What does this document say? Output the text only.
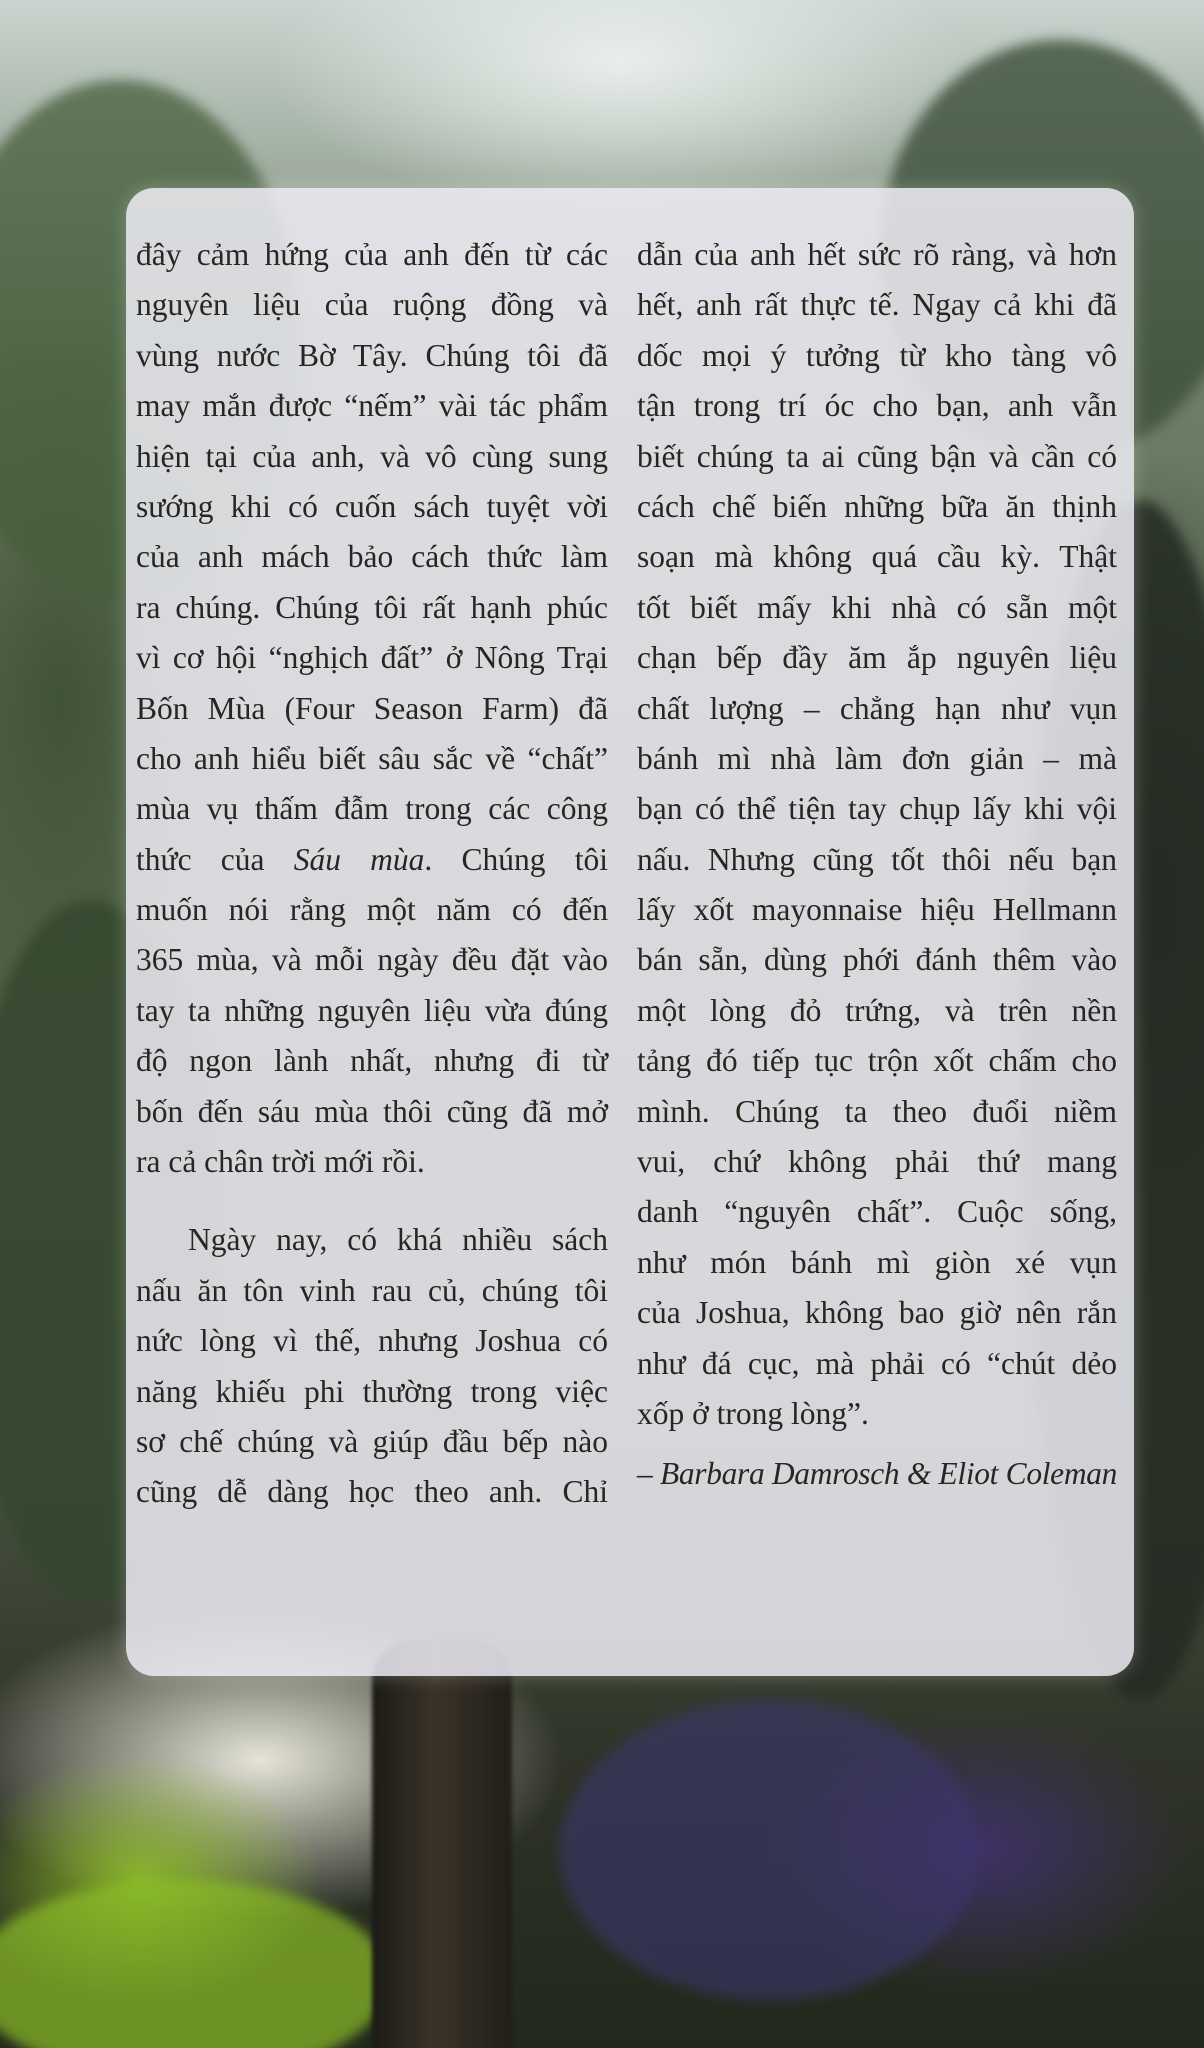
đây cảm hứng của anh đến từ các
nguyên liệu của ruộng đồng và
vùng nước Bờ Tây. Chúng tôi đã
may mắn được “nếm” vài tác phẩm
hiện tại của anh, và vô cùng sung
sướng khi có cuốn sách tuyệt vời
của anh mách bảo cách thức làm
ra chúng. Chúng tôi rất hạnh phúc
vì cơ hội “nghịch đất” ở Nông Trại
Bốn Mùa (Four Season Farm) đã
cho anh hiểu biết sâu sắc về “chất”
mùa vụ thấm đẫm trong các công
thức của Sáu mùa. Chúng tôi
muốn nói rằng một năm có đến
365 mùa, và mỗi ngày đều đặt vào
tay ta những nguyên liệu vừa đúng
độ ngon lành nhất, nhưng đi từ
bốn đến sáu mùa thôi cũng đã mở
ra cả chân trời mới rồi.
Ngày nay, có khá nhiều sách
nấu ăn tôn vinh rau củ, chúng tôi
nức lòng vì thế, nhưng Joshua có
năng khiếu phi thường trong việc
sơ chế chúng và giúp đầu bếp nào
cũng dễ dàng học theo anh. Chỉ
dẫn của anh hết sức rõ ràng, và hơn
hết, anh rất thực tế. Ngay cả khi đã
dốc mọi ý tưởng từ kho tàng vô
tận trong trí óc cho bạn, anh vẫn
biết chúng ta ai cũng bận và cần có
cách chế biến những bữa ăn thịnh
soạn mà không quá cầu kỳ. Thật
tốt biết mấy khi nhà có sẵn một
chạn bếp đầy ăm ắp nguyên liệu
chất lượng – chẳng hạn như vụn
bánh mì nhà làm đơn giản – mà
bạn có thể tiện tay chụp lấy khi vội
nấu. Nhưng cũng tốt thôi nếu bạn
lấy xốt mayonnaise hiệu Hellmann
bán sẵn, dùng phới đánh thêm vào
một lòng đỏ trứng, và trên nền
tảng đó tiếp tục trộn xốt chấm cho
mình. Chúng ta theo đuổi niềm
vui, chứ không phải thứ mang
danh “nguyên chất”. Cuộc sống,
như món bánh mì giòn xé vụn
của Joshua, không bao giờ nên rắn
như đá cục, mà phải có “chút dẻo
xốp ở trong lòng”.
– Barbara Damrosch & Eliot Coleman
